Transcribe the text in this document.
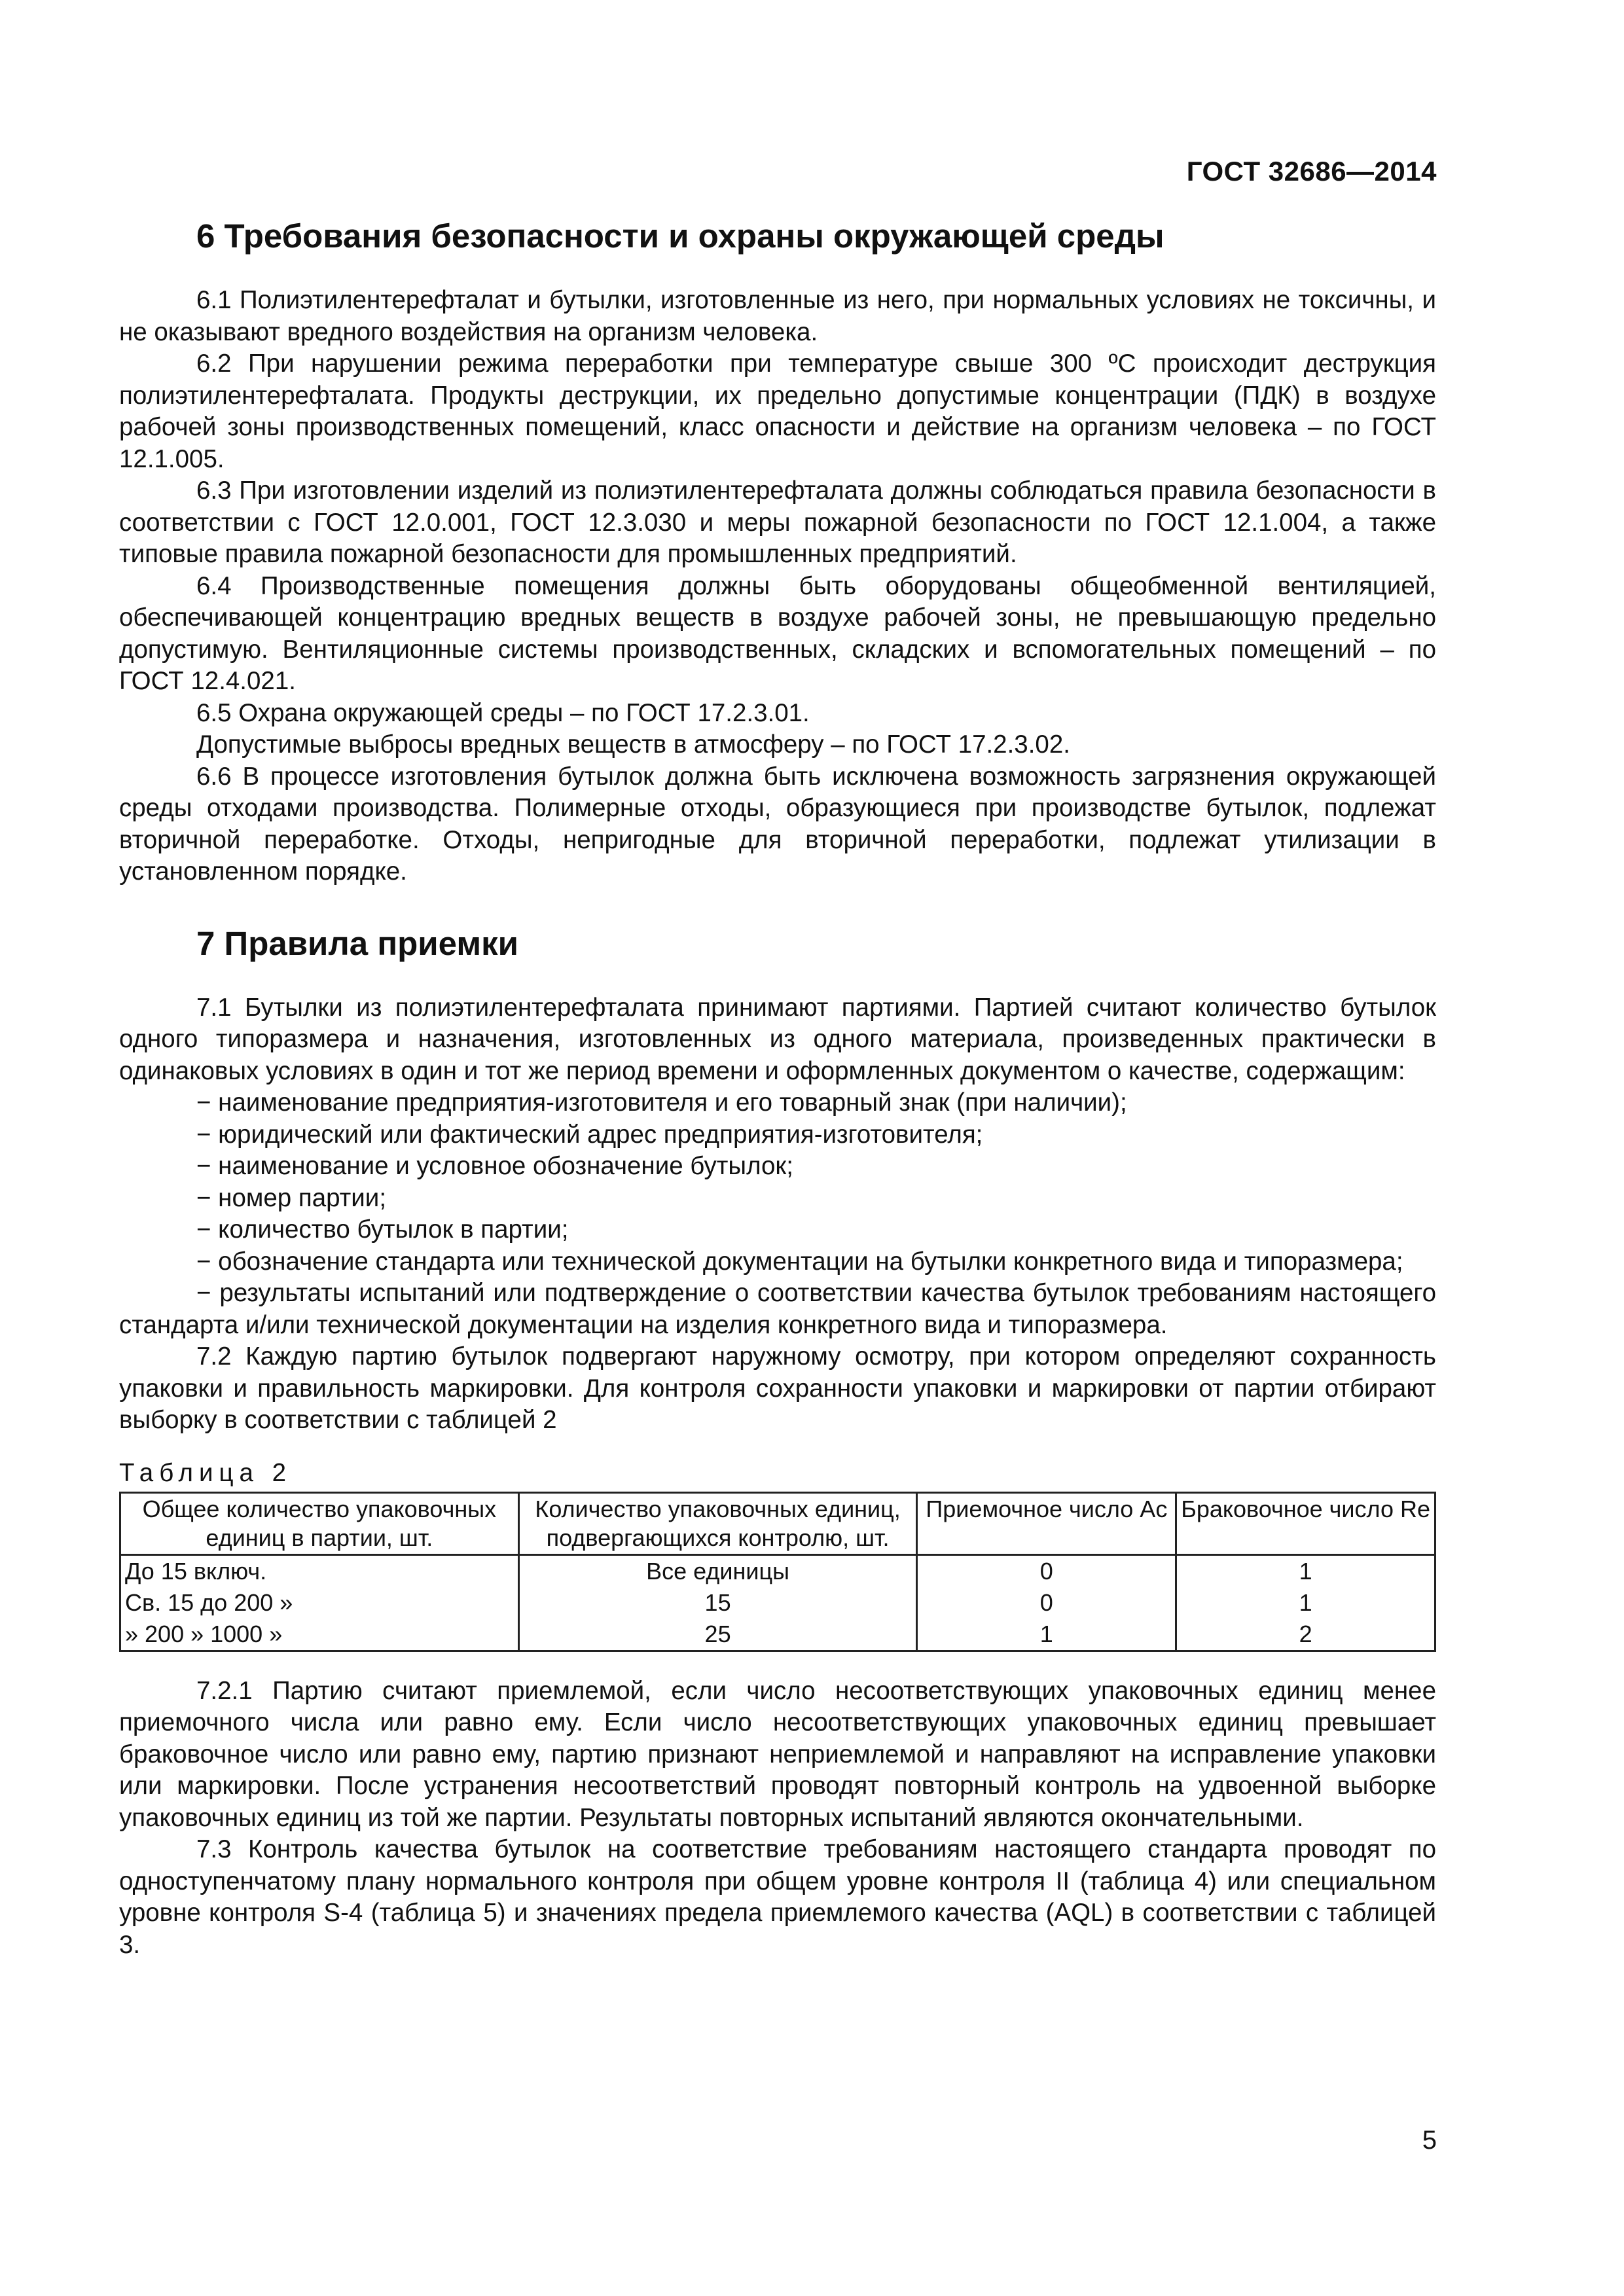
ГОСТ 32686—2014
6 Требования безопасности и охраны окружающей среды

6.1 Полиэтилентерефталат и бутылки, изготовленные из него, при нормальных условиях не токсичны, и не оказывают вредного воздействия на организм человека.

6.2 При нарушении режима переработки при температуре свыше 300 ºС происходит деструкция полиэтилентерефталата. Продукты деструкции, их предельно допустимые концентрации (ПДК) в воздухе рабочей зоны производственных помещений, класс опасности и действие на организм человека – по ГОСТ 12.1.005.

6.3 При изготовлении изделий из полиэтилентерефталата должны соблюдаться правила безопасности в соответствии с ГОСТ 12.0.001, ГОСТ 12.3.030 и меры пожарной безопасности по ГОСТ 12.1.004, а также типовые правила пожарной безопасности для промышленных предприятий.

6.4 Производственные помещения должны быть оборудованы общеобменной вентиляцией, обеспечивающей концентрацию вредных веществ в воздухе рабочей зоны, не превышающую предельно допустимую. Вентиляционные системы производственных, складских и вспомогательных помещений – по ГОСТ 12.4.021.

6.5 Охрана окружающей среды – по ГОСТ 17.2.3.01.

Допустимые выбросы вредных веществ в атмосферу – по ГОСТ 17.2.3.02.

6.6 В процессе изготовления бутылок должна быть исключена возможность загрязнения окружающей среды отходами производства. Полимерные отходы, образующиеся при производстве бутылок, подлежат вторичной переработке. Отходы, непригодные для вторичной переработки, подлежат утилизации в установленном порядке.

7 Правила приемки

7.1 Бутылки из полиэтилентерефталата принимают партиями. Партией считают количество бутылок одного типоразмера и назначения, изготовленных из одного материала, произведенных практически в одинаковых условиях в один и тот же период времени и оформленных документом о качестве, содержащим:

− наименование предприятия-изготовителя и его товарный знак (при наличии);

− юридический или фактический адрес предприятия-изготовителя;

− наименование и условное обозначение бутылок;

− номер партии;

− количество бутылок в партии;

− обозначение стандарта или технической документации на бутылки конкретного вида и типоразмера;

− результаты испытаний или подтверждение о соответствии качества бутылок требованиям настоящего стандарта и/или технической документации на изделия конкретного вида и типоразмера.

7.2 Каждую партию бутылок подвергают наружному осмотру, при котором определяют сохранность упаковки и правильность маркировки. Для контроля сохранности упаковки и маркировки от партии отбирают выборку в соответствии с таблицей 2

Таблица 2
Общее количество упаковочных единиц в партии, шт.	Количество упаковочных единиц, подвергающихся контролю, шт.	Приемочное число Ac	Браковочное число Re
До 15 включ.	Все единицы	0	1
Св. 15 до 200 »	15	0	1
» 200 » 1000 »	25	1	2

7.2.1 Партию считают приемлемой, если число несоответствующих упаковочных единиц менее приемочного числа или равно ему. Если число несоответствующих упаковочных единиц превышает браковочное число или равно ему, партию признают неприемлемой и направляют на исправление упаковки или маркировки. После устранения несоответствий проводят повторный контроль на удвоенной выборке упаковочных единиц из той же партии. Результаты повторных испытаний являются окончательными.

7.3 Контроль качества бутылок на соответствие требованиям настоящего стандарта проводят по одноступенчатому плану нормального контроля при общем уровне контроля II (таблица 4) или специальном уровне контроля S-4 (таблица 5) и значениях предела приемлемого качества (AQL) в соответствии с таблицей 3.

5
